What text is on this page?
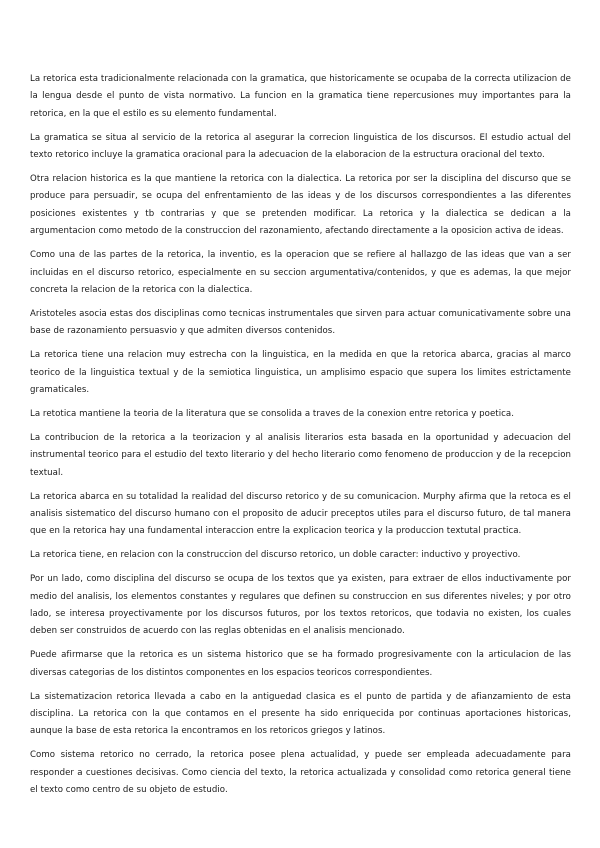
La retorica esta tradicionalmente relacionada con la gramatica, que historicamente se ocupaba de la correcta utilizacion de la lengua desde el punto de vista normativo. La funcion en la gramatica tiene repercusiones muy importantes para la retorica, en la que el estilo es su elemento fundamental.

La gramatica se situa al servicio de la retorica al asegurar la correcion linguistica de los discursos. El estudio actual del texto retorico incluye la gramatica oracional para la adecuacion de la elaboracion de la estructura oracional del texto.

Otra relacion historica es la que mantiene la retorica con la dialectica. La retorica por ser la disciplina del discurso que se produce para persuadir, se ocupa del enfrentamiento de las ideas y de los discursos correspondientes a las diferentes posiciones existentes y tb contrarias y que se pretenden modificar. La retorica y la dialectica se dedican a la argumentacion como metodo de la construccion del razonamiento, afectando directamente a la oposicion activa de ideas.

Como una de las partes de la retorica, la inventio, es la operacion que se refiere al hallazgo de las ideas que van a ser incluidas en el discurso retorico, especialmente en su seccion argumentativa/contenidos, y que es ademas, la que mejor concreta la relacion de la retorica con la dialectica.

Aristoteles asocia estas dos disciplinas como tecnicas instrumentales que sirven para actuar comunicativamente sobre una base de razonamiento persuasvio y que admiten diversos contenidos.

La retorica tiene una relacion muy estrecha con la linguistica, en la medida en que la retorica abarca, gracias al marco teorico de la linguistica textual y de la semiotica linguistica, un amplisimo espacio que supera los limites estrictamente gramaticales.

La retotica mantiene la teoria de la literatura que se consolida a traves de la conexion entre retorica y poetica.

La contribucion de la retorica a la teorizacion y al analisis literarios esta basada en la oportunidad y adecuacion del instrumental teorico para el estudio del texto literario y del hecho literario como fenomeno de produccion y de la recepcion textual.

La retorica abarca en su totalidad la realidad del discurso retorico y de su comunicacion. Murphy afirma que la retoca es el analisis sistematico del discurso humano con el proposito de aducir preceptos utiles para el discurso futuro, de tal manera que en la retorica hay una fundamental interaccion entre la explicacion teorica y la produccion textutal practica.

La retorica tiene, en relacion con la construccion del discurso retorico, un doble caracter: inductivo y proyectivo.

Por un lado, como disciplina del discurso se ocupa de los textos que ya existen, para extraer de ellos inductivamente por medio del analisis, los elementos constantes y regulares que definen su construccion en sus diferentes niveles; y por otro lado, se interesa proyectivamente por los discursos futuros, por los textos retoricos, que todavia no existen, los cuales deben ser construidos de acuerdo con las reglas obtenidas en el analisis mencionado.

Puede afirmarse que la retorica es un sistema historico que se ha formado progresivamente con la articulacion de las diversas categorias de los distintos componentes en los espacios teoricos correspondientes.

La sistematizacion retorica llevada a cabo en la antiguedad clasica es el punto de partida y de afianzamiento de esta disciplina. La retorica con la que contamos en el presente ha sido enriquecida por continuas aportaciones historicas, aunque la base de esta retorica la encontramos en los retoricos griegos y latinos.

Como sistema retorico no cerrado, la retorica posee plena actualidad, y puede ser empleada adecuadamente para responder a cuestiones decisivas. Como ciencia del texto, la retorica actualizada y consolidad como retorica general tiene el texto como centro de su objeto de estudio.
